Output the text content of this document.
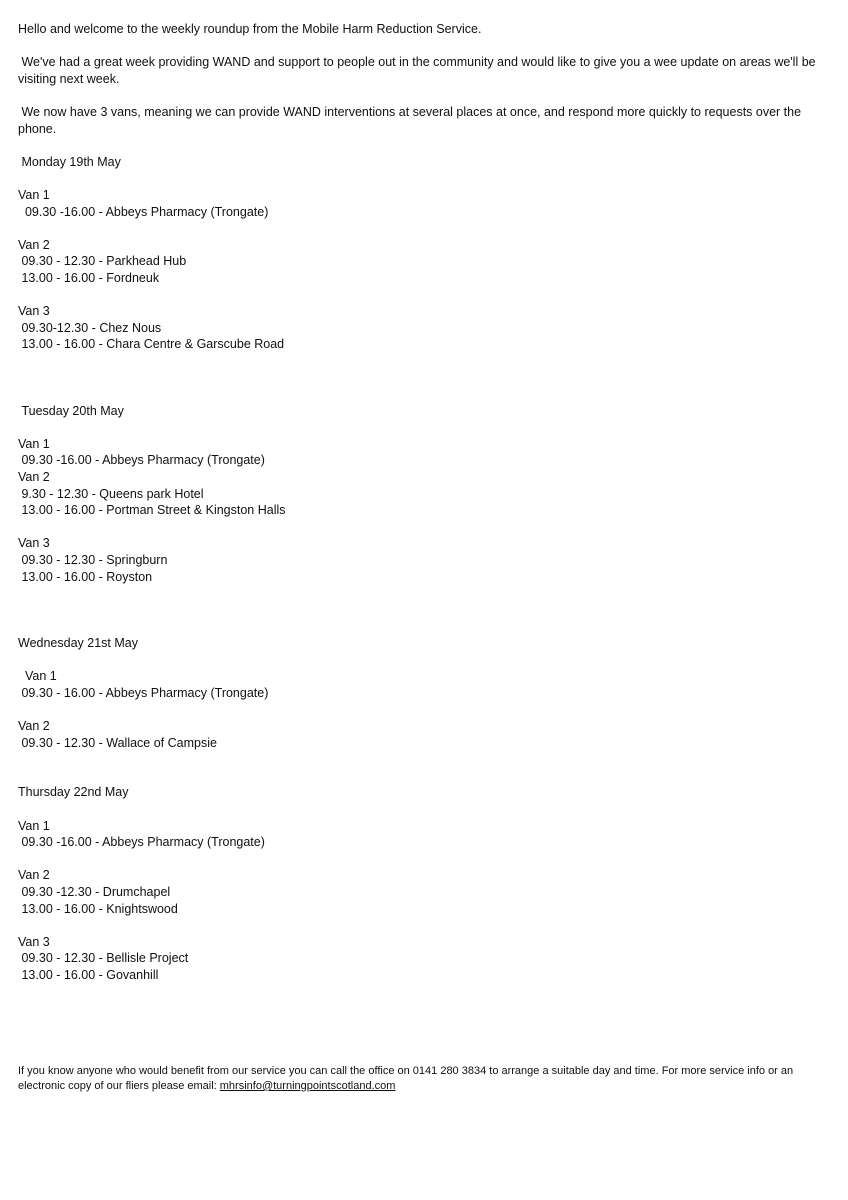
Hello and welcome to the weekly roundup from the Mobile Harm Reduction Service.

We've had a great week providing WAND and support to people out in the community and would like to give you a wee update on areas we'll be visiting next week.

We now have 3 vans, meaning we can provide WAND interventions at several places at once, and respond more quickly to requests over the phone.

Monday 19th May

Van 1

09.30 -16.00 - Abbeys Pharmacy (Trongate)

Van 2

09.30 - 12.30 - Parkhead Hub

13.00 - 16.00 - Fordneuk

Van 3

09.30-12.30 - Chez Nous

13.00 - 16.00 - Chara Centre & Garscube Road

Tuesday 20th May

Van 1

09.30 -16.00 - Abbeys Pharmacy (Trongate)

Van 2

9.30 - 12.30 - Queens park Hotel

13.00 - 16.00 - Portman Street & Kingston Halls

Van 3

09.30 - 12.30 - Springburn

13.00 - 16.00 - Royston

Wednesday 21st May

Van 1

09.30 - 16.00 - Abbeys Pharmacy (Trongate)

Van 2

09.30 - 12.30 - Wallace of Campsie

Thursday 22nd May

Van 1

09.30 -16.00 - Abbeys Pharmacy (Trongate)

Van 2

09.30 -12.30 - Drumchapel

13.00 - 16.00 - Knightswood

Van 3

09.30 - 12.30 - Bellisle Project

13.00 - 16.00 - Govanhill

If you know anyone who would benefit from our service you can call the office on 0141 280 3834 to arrange a suitable day and time. For more service info or an electronic copy of our fliers please email: mhrsinfo@turningpointscotland.com
